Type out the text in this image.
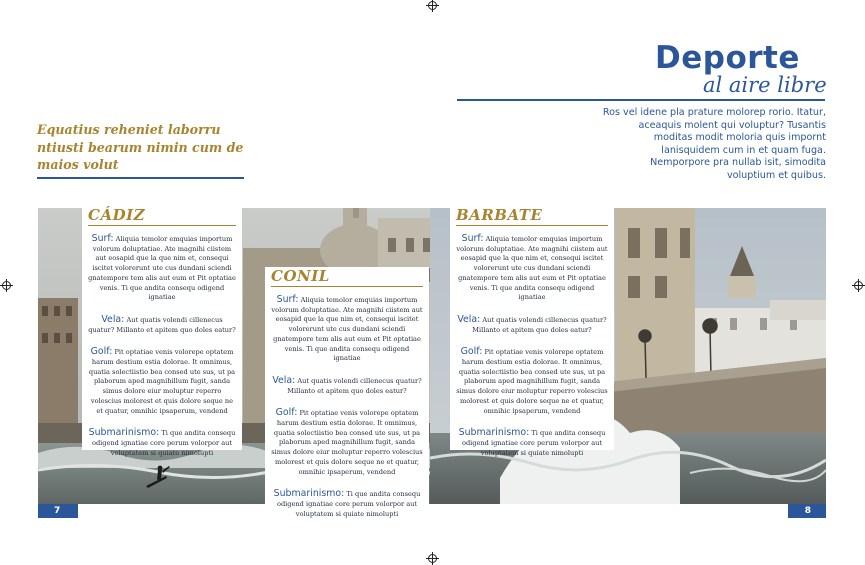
Deporte
al aire libre
Ros vel idene pla prature molorep rorio. Itatur, aceaquis molent qui voluptur? Tusantis moditas modit moloria quis impornt lanisquidem cum in et quam fuga. Nemporpore pra nullab isit, simodita voluptium et quibus.
Equatius reheniet laborru ntiusti bearum nimin cum de maios volut
7	8
CÁDIZ

Surf: Aliquia temolor emquias importum volorum doluptatiae. Ate magnihi ciistem aut eosapid que la que nim et, consequi iscitet volorerunt ute cus dundani sciendi gnatempore tem alis aut eum et Pit optatiae venis. Ti que andita consequ odigend ignatiae

Vela: Aut quatis volendi cillenecus quatur? Millanto et apitem quo doles eatur?

Golf: Pit optatiae venis volorepe optatem harum destium estia dolorae. It omnimus, quatia solectiistio bea consed ute sus, ut pa plaborum aped magnihillum fugit, sanda simus dolore eiur moluptur reperro volescius molorest et quis dolore seque ne et quatur, omnihic ipsaperum, vendend

Submarinismo: Ti que andita consequ odigend ignatiae core perum volorpor aut voluptatem si quiate nimolupti

CONIL

Surf: Aliquia temolor emquias importum volorum doluptatiae. Ate magnihi ciistem aut eosapid que la que nim et, consequi iscitet volorerunt ute cus dundani sciendi gnatempore tem alis aut eum et Pit optatiae venis. Ti que andita consequ odigend ignatiae

Vela: Aut quatis volendi cillenecus quatur? Millanto et apitem quo doles eatur?

Golf: Pit optatiae venis volorepe optatem harum destium estia dolorae. It omnimus, quatia solectiistio bea consed ute sus, ut pa plaborum aped magnihillum fugit, sanda simus dolore eiur moluptur reperro volescius molorest et quis dolore seque ne et quatur, omnihic ipsaperum, vendend

Submarinismo: Ti que andita consequ odigend ignatiae core perum volorpor aut voluptatem si quiate nimolupti

BARBATE

Surf: Aliquia temolor emquias importum volorum doluptatiae. Ate magnihi ciistem aut eosapid que la que nim et, consequi iscitet volorerunt ute cus dundani sciendi gnatempore tem alis aut eum et Pit optatiae venis. Ti que andita consequ odigend ignatiae

Vela: Aut quatis volendi cillenecus quatur? Millanto et apitem quo doles eatur?

Golf: Pit optatiae venis volorepe optatem harum destium estia dolorae. It omnimus, quatia solectiistio bea consed ute sus, ut pa plaborum aped magnihillum fugit, sanda simus dolore eiur moluptur reperro volescius molorest et quis dolore seque ne et quatur, omnihic ipsaperum, vendend

Submarinismo: Ti que andita consequ odigend ignatiae core perum volorpor aut voluptatem si quiate nimolupti
